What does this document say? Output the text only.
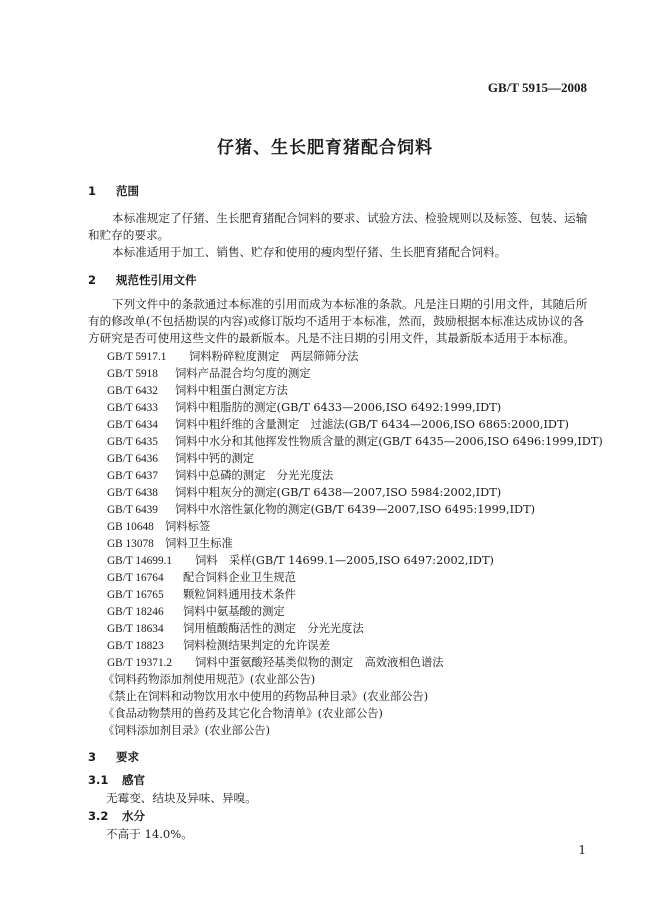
GB/T 5915—2008
仔猪、生长肥育猪配合饲料
1 范围
本标准规定了仔猪、生长肥育猪配合饲料的要求、试验方法、检验规则以及标签、包装、运输和贮存的要求。
本标准适用于加工、销售、贮存和使用的瘦肉型仔猪、生长肥育猪配合饲料。
2 规范性引用文件
下列文件中的条款通过本标准的引用而成为本标准的条款。凡是注日期的引用文件，其随后所有的修改单(不包括勘误的内容)或修订版均不适用于本标准，然而，鼓励根据本标准达成协议的各方研究是否可使用这些文件的最新版本。凡是不注日期的引用文件，其最新版本适用于本标准。
GB/T 5917.1 饲料粉碎粒度测定　两层筛筛分法
GB/T 5918 饲料产品混合均匀度的测定
GB/T 6432 饲料中粗蛋白测定方法
GB/T 6433 饲料中粗脂肪的测定(GB/T 6433—2006,ISO 6492:1999,IDT)
GB/T 6434 饲料中粗纤维的含量测定　过滤法(GB/T 6434—2006,ISO 6865:2000,IDT)
GB/T 6435 饲料中水分和其他挥发性物质含量的测定(GB/T 6435—2006,ISO 6496:1999,IDT)
GB/T 6436 饲料中钙的测定
GB/T 6437 饲料中总磷的测定　分光光度法
GB/T 6438 饲料中粗灰分的测定(GB/T 6438—2007,ISO 5984:2002,IDT)
GB/T 6439 饲料中水溶性氯化物的测定(GB/T 6439—2007,ISO 6495:1999,IDT)
GB 10648 饲料标签
GB 13078 饲料卫生标准
GB/T 14699.1 饲料　采样(GB/T 14699.1—2005,ISO 6497:2002,IDT)
GB/T 16764 配合饲料企业卫生规范
GB/T 16765 颗粒饲料通用技术条件
GB/T 18246 饲料中氨基酸的测定
GB/T 18634 饲用植酸酶活性的测定　分光光度法
GB/T 18823 饲料检测结果判定的允许误差
GB/T 19371.2 饲料中蛋氨酸羟基类似物的测定　高效液相色谱法
《饲料药物添加剂使用规范》(农业部公告)
《禁止在饲料和动物饮用水中使用的药物品种目录》(农业部公告)
《食品动物禁用的兽药及其它化合物清单》(农业部公告)
《饲料添加剂目录》(农业部公告)
3 要求
3.1 感官
无霉变、结块及异味、异嗅。
3.2 水分
不高于 14.0%。
1
